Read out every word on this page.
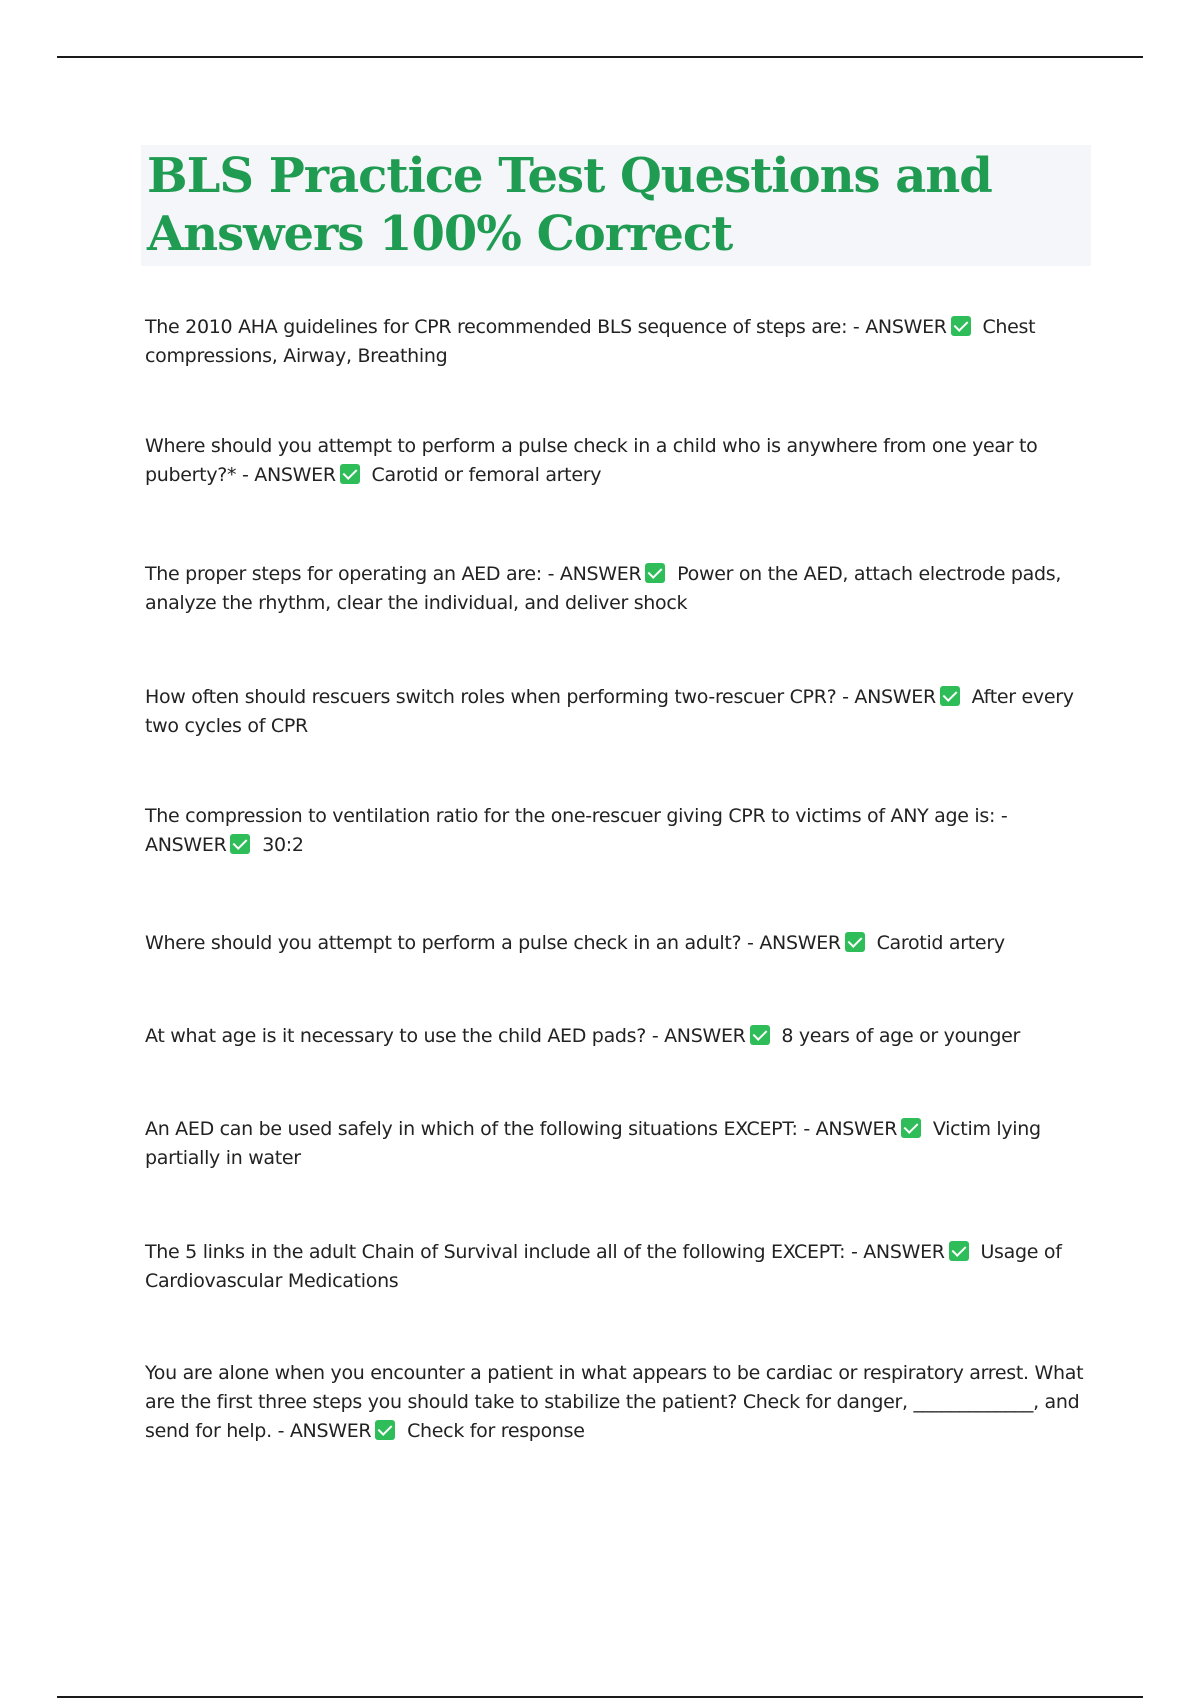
BLS Practice Test Questions and Answers 100% Correct
The 2010 AHA guidelines for CPR recommended BLS sequence of steps are: - ANSWER Chest compressions, Airway, Breathing
Where should you attempt to perform a pulse check in a child who is anywhere from one year to puberty?* - ANSWER Carotid or femoral artery
The proper steps for operating an AED are: - ANSWER Power on the AED, attach electrode pads, analyze the rhythm, clear the individual, and deliver shock
How often should rescuers switch roles when performing two-rescuer CPR? - ANSWER After every two cycles of CPR
The compression to ventilation ratio for the one-rescuer giving CPR to victims of ANY age is: - ANSWER 30:2
Where should you attempt to perform a pulse check in an adult? - ANSWER Carotid artery
At what age is it necessary to use the child AED pads? - ANSWER 8 years of age or younger
An AED can be used safely in which of the following situations EXCEPT: - ANSWER Victim lying partially in water
The 5 links in the adult Chain of Survival include all of the following EXCEPT: - ANSWER Usage of Cardiovascular Medications
You are alone when you encounter a patient in what appears to be cardiac or respiratory arrest. What are the first three steps you should take to stabilize the patient? Check for danger, _____________, and send for help. - ANSWER Check for response
